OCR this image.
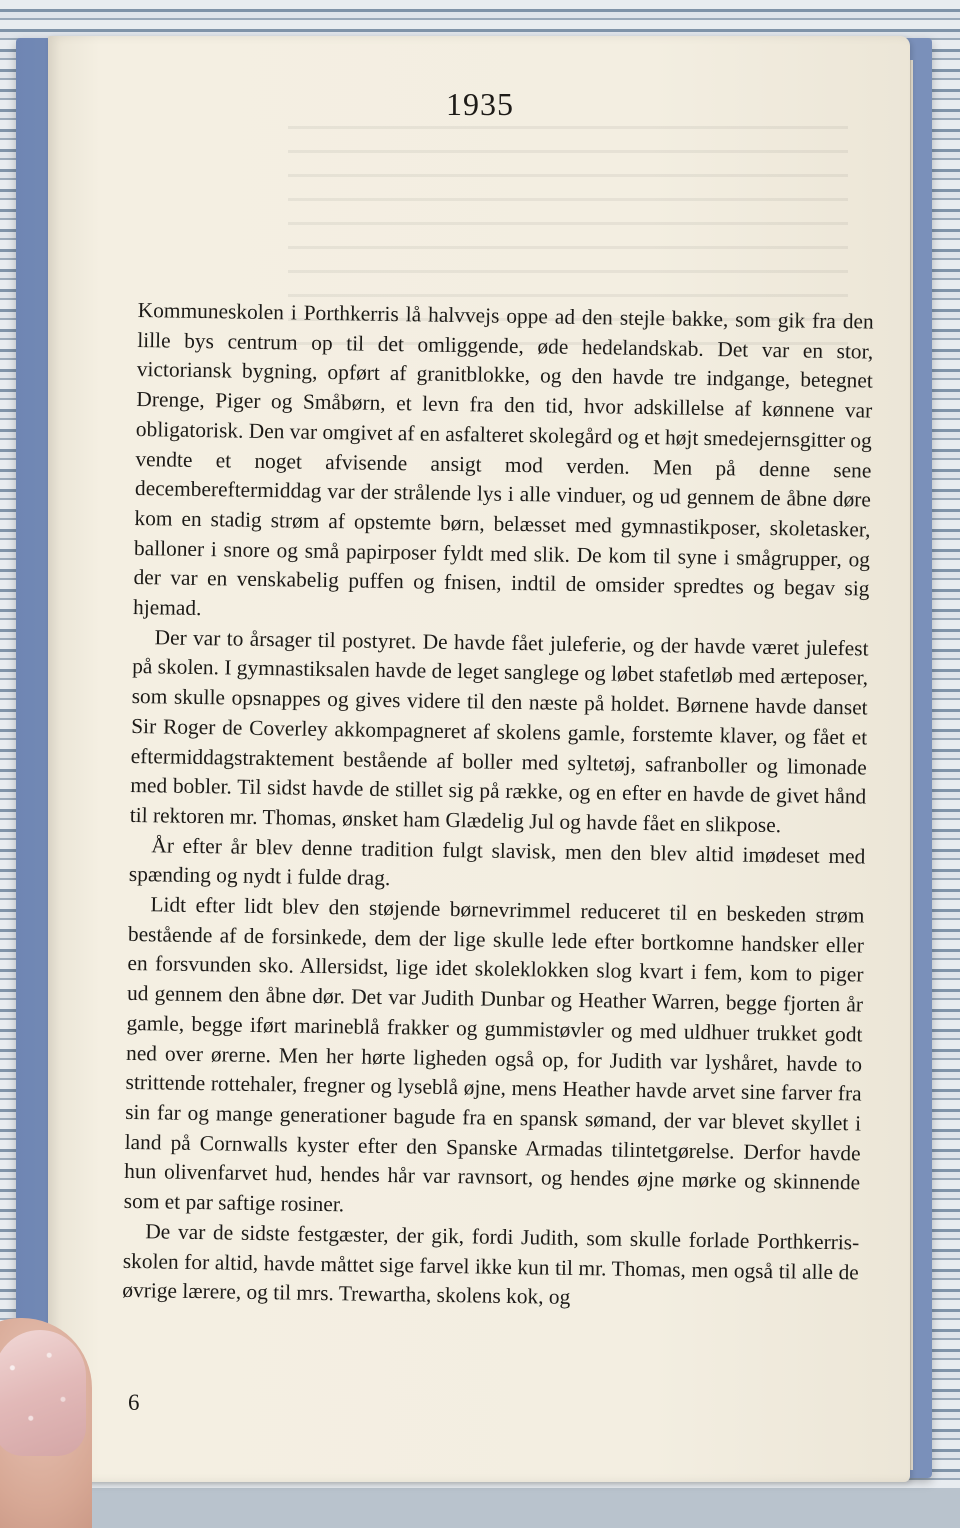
1935

Kommuneskolen i Porthkerris lå halvvejs oppe ad den stejle bakke, som gik fra den lille bys centrum op til det omliggende, øde hedelandskab. Det var en stor, victoriansk bygning, opført af granitblokke, og den havde tre indgange, betegnet Drenge, Piger og Småbørn, et levn fra den tid, hvor adskillelse af kønnene var obligatorisk. Den var omgivet af en asfalteret skolegård og et højt smedejernsgitter og vendte et noget afvisende ansigt mod verden. Men på denne sene decembereftermiddag var der strålende lys i alle vinduer, og ud gennem de åbne døre kom en stadig strøm af opstemte børn, belæsset med gymnastikposer, skoletasker, balloner i snore og små papirposer fyldt med slik. De kom til syne i smågrupper, og der var en venskabelig puffen og fnisen, indtil de omsider spredtes og begav sig hjemad.

Der var to årsager til postyret. De havde fået juleferie, og der havde været julefest på skolen. I gymnastiksalen havde de leget sanglege og løbet stafetløb med ærteposer, som skulle opsnappes og gives videre til den næste på holdet. Børnene havde danset Sir Roger de Coverley akkompagneret af skolens gamle, forstemte klaver, og fået et eftermiddagstraktement bestående af boller med syltetøj, safranboller og limonade med bobler. Til sidst havde de stillet sig på række, og en efter en havde de givet hånd til rektoren mr. Thomas, ønsket ham Glædelig Jul og havde fået en slikpose.

År efter år blev denne tradition fulgt slavisk, men den blev altid imødeset med spænding og nydt i fulde drag.

Lidt efter lidt blev den støjende børnevrimmel reduceret til en beskeden strøm bestående af de forsinkede, dem der lige skulle lede efter bortkomne handsker eller en forsvunden sko. Allersidst, lige idet skoleklokken slog kvart i fem, kom to piger ud gennem den åbne dør. Det var Judith Dunbar og Heather Warren, begge fjorten år gamle, begge iført marineblå frakker og gummistøvler og med uldhuer trukket godt ned over ørerne. Men her hørte ligheden også op, for Judith var lyshåret, havde to strittende rottehaler, fregner og lyseblå øjne, mens Heather havde arvet sine farver fra sin far og mange generationer bagude fra en spansk sømand, der var blevet skyllet i land på Cornwalls kyster efter den Spanske Armadas tilintetgørelse. Derfor havde hun olivenfarvet hud, hendes hår var ravnsort, og hendes øjne mørke og skinnende som et par saftige rosiner.

De var de sidste festgæster, der gik, fordi Judith, som skulle forlade Porthkerris-skolen for altid, havde måttet sige farvel ikke kun til mr. Thomas, men også til alle de øvrige lærere, og til mrs. Trewartha, skolens kok, og

6
